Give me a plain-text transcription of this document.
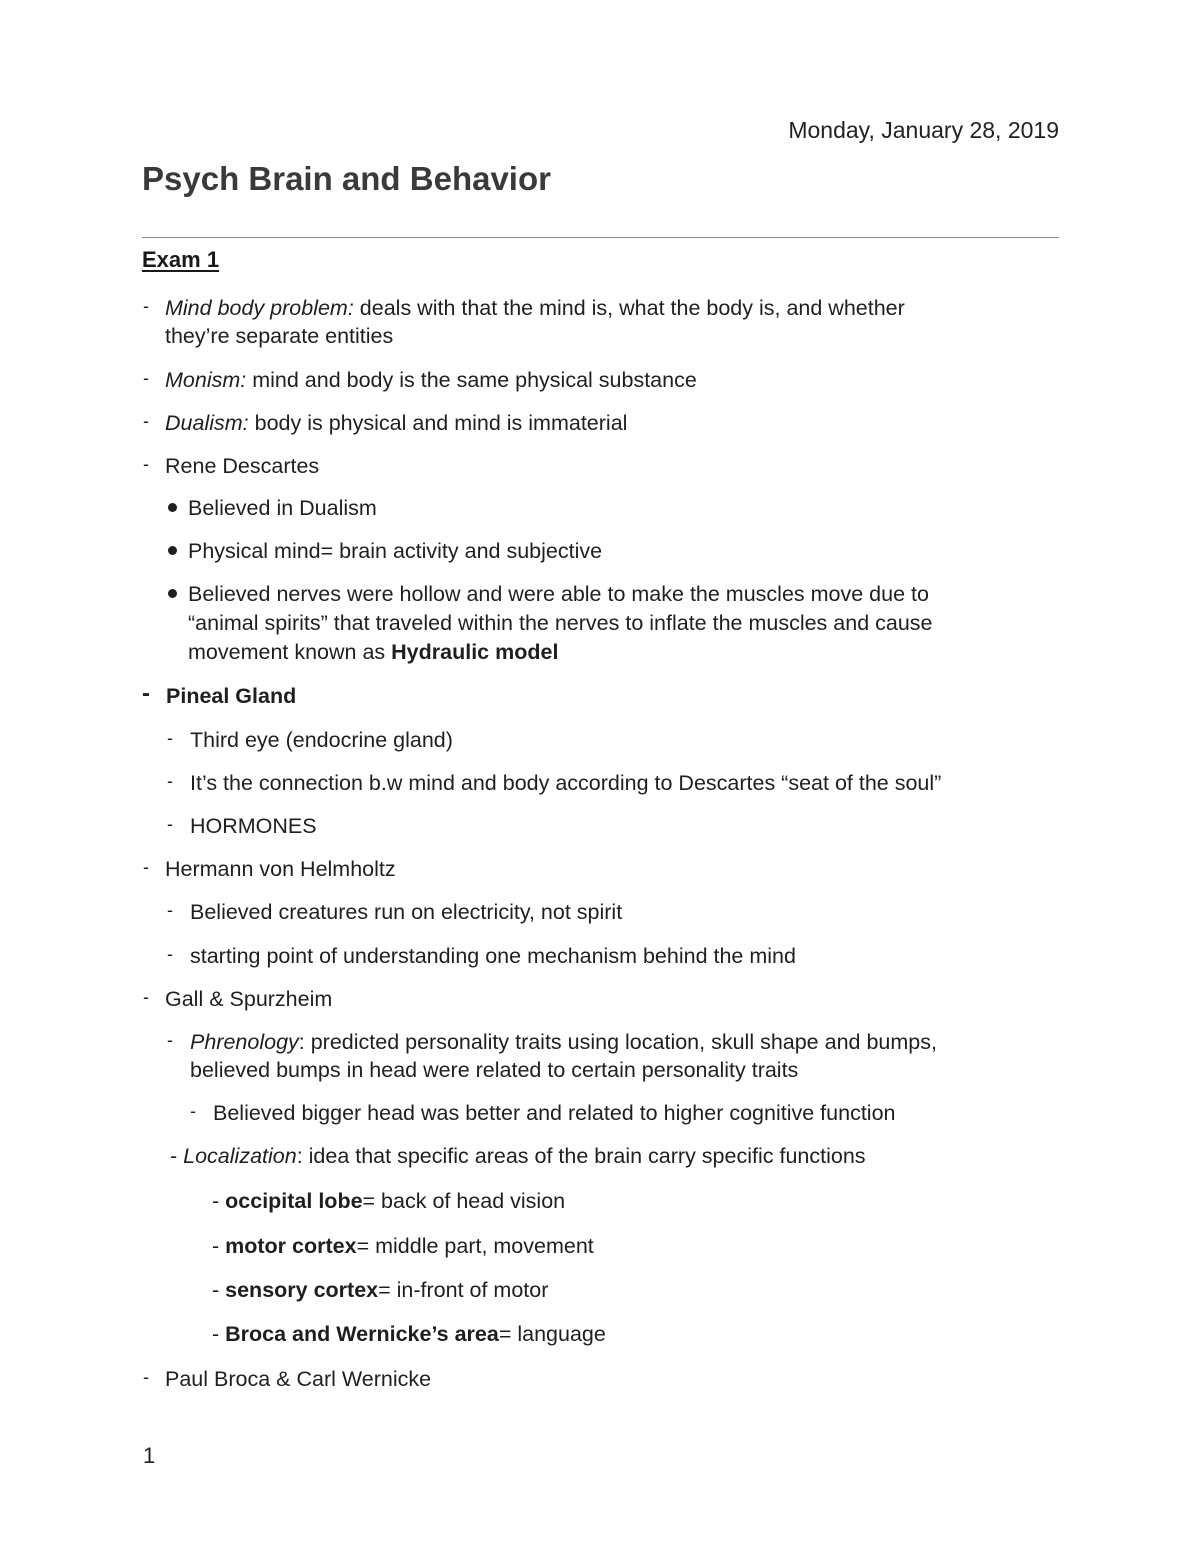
Monday, January 28, 2019
Psych Brain and Behavior
Exam 1
- Mind body problem: deals with that the mind is, what the body is, and whether
they’re separate entities
- Monism: mind and body is the same physical substance
- Dualism: body is physical and mind is immaterial
- Rene Descartes
Believed in Dualism
Physical mind= brain activity and subjective
Believed nerves were hollow and were able to make the muscles move due to
“animal spirits” that traveled within the nerves to inflate the muscles and cause
movement known as Hydraulic model
- Pineal Gland
- Third eye (endocrine gland)
- It’s the connection b.w mind and body according to Descartes “seat of the soul”
- HORMONES
- Hermann von Helmholtz
- Believed creatures run on electricity, not spirit
- starting point of understanding one mechanism behind the mind
- Gall & Spurzheim
- Phrenology: predicted personality traits using location, skull shape and bumps,
believed bumps in head were related to certain personality traits
- Believed bigger head was better and related to higher cognitive function
- Localization: idea that specific areas of the brain carry specific functions
- occipital lobe= back of head vision
- motor cortex= middle part, movement
- sensory cortex= in-front of motor
- Broca and Wernicke’s area= language
- Paul Broca & Carl Wernicke
1
